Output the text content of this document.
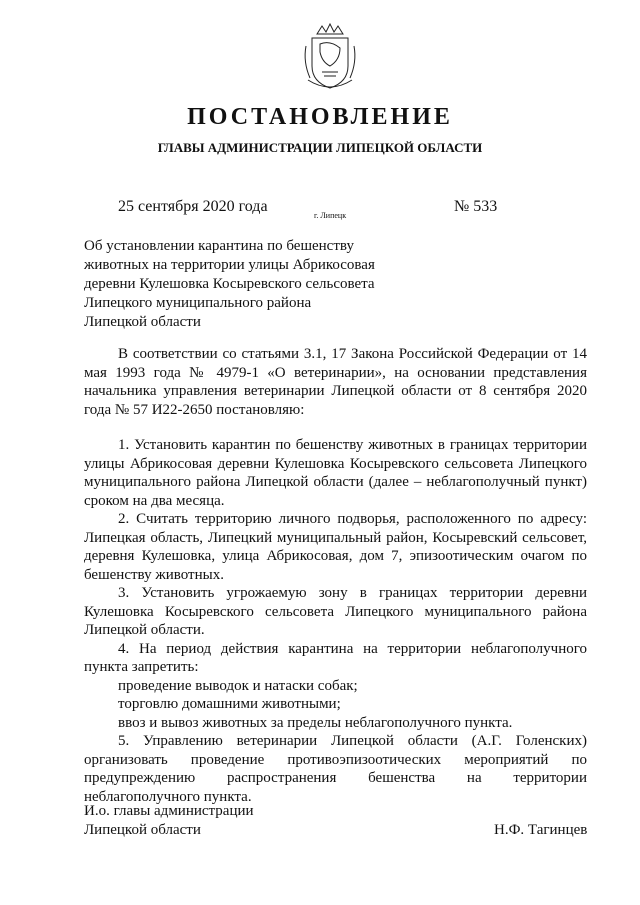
ПОСТАНОВЛЕНИЕ
ГЛАВЫ АДМИНИСТРАЦИИ ЛИПЕЦКОЙ ОБЛАСТИ
25 сентября 2020 года
г. Липецк
№ 533
Об установлении карантина по бешенству
животных на территории улицы Абрикосовая
деревни Кулешовка Косыревского сельсовета
Липецкого муниципального района
Липецкой области

В соответствии со статьями 3.1, 17 Закона Российской Федерации от 14 мая 1993 года № 4979-1 «О ветеринарии», на основании представления начальника управления ветеринарии Липецкой области от 8 сентября 2020 года № 57 И22-2650 постановляю:

1. Установить карантин по бешенству животных в границах территории улицы Абрикосовая деревни Кулешовка Косыревского сельсовета Липецкого муниципального района Липецкой области (далее – неблагополучный пункт) сроком на два месяца.

2. Считать территорию личного подворья, расположенного по адресу: Липецкая область, Липецкий муниципальный район, Косыревский сельсовет, деревня Кулешовка, улица Абрикосовая, дом 7, эпизоотическим очагом по бешенству животных.

3. Установить угрожаемую зону в границах территории деревни Кулешовка Косыревского сельсовета Липецкого муниципального района Липецкой области.

4. На период действия карантина на территории неблагополучного пункта запретить:

проведение выводок и натаски собак;

торговлю домашними животными;

ввоз и вывоз животных за пределы неблагополучного пункта.

5. Управлению ветеринарии Липецкой области (А.Г. Голенских) организовать проведение противоэпизоотических мероприятий по предупреждению распространения бешенства на территории неблагополучного пункта.

И.о. главы администрации
Липецкой области	Н.Ф. Тагинцев
